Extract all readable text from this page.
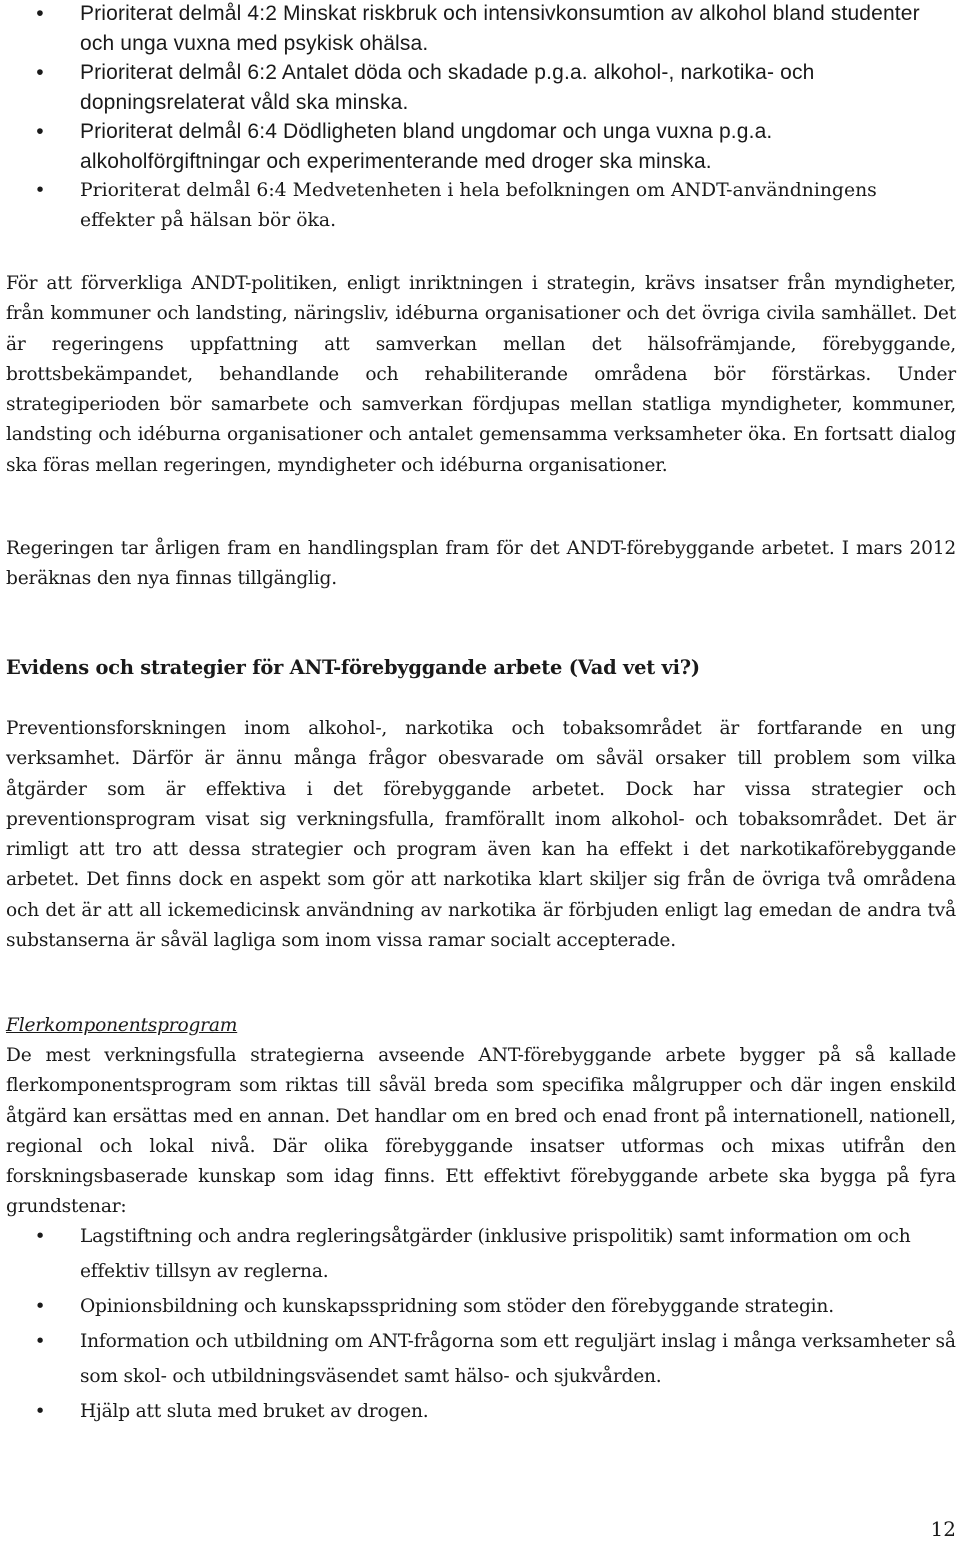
• Prioriterat delmål 4:2 Minskat riskbruk och intensivkonsumtion av alkohol bland studenter och unga vuxna med psykisk ohälsa.
• Prioriterat delmål 6:2 Antalet döda och skadade p.g.a. alkohol-, narkotika- och dopningsrelaterat våld ska minska.
• Prioriterat delmål 6:4 Dödligheten bland ungdomar och unga vuxna p.g.a. alkoholförgiftningar och experimenterande med droger ska minska.
• Prioriterat delmål 6:4 Medvetenheten i hela befolkningen om ANDT-användningens effekter på hälsan bör öka.

För att förverkliga ANDT-politiken, enligt inriktningen i strategin, krävs insatser från myndigheter, från kommuner och landsting, näringsliv, idéburna organisationer och det övriga civila samhället. Det är regeringens uppfattning att samverkan mellan det hälsofrämjande, förebyggande, brottsbekämpandet, behandlande och rehabiliterande områdena bör förstärkas. Under strategiperioden bör samarbete och samverkan fördjupas mellan statliga myndigheter, kommuner, landsting och idéburna organisationer och antalet gemensamma verksamheter öka. En fortsatt dialog ska föras mellan regeringen, myndigheter och idéburna organisationer.

Regeringen tar årligen fram en handlingsplan fram för det ANDT-förebyggande arbetet. I mars 2012 beräknas den nya finnas tillgänglig.

Evidens och strategier för ANT-förebyggande arbete (Vad vet vi?)

Preventionsforskningen inom alkohol-, narkotika och tobaksområdet är fortfarande en ung verksamhet. Därför är ännu många frågor obesvarade om såväl orsaker till problem som vilka åtgärder som är effektiva i det förebyggande arbetet. Dock har vissa strategier och preventionsprogram visat sig verkningsfulla, framförallt inom alkohol- och tobaksområdet. Det är rimligt att tro att dessa strategier och program även kan ha effekt i det narkotikaförebyggande arbetet. Det finns dock en aspekt som gör att narkotika klart skiljer sig från de övriga två områdena och det är att all ickemedicinsk användning av narkotika är förbjuden enligt lag emedan de andra två substanserna är såväl lagliga som inom vissa ramar socialt accepterade.

Flerkomponentsprogram

De mest verkningsfulla strategierna avseende ANT-förebyggande arbete bygger på så kallade flerkomponentsprogram som riktas till såväl breda som specifika målgrupper och där ingen enskild åtgärd kan ersättas med en annan. Det handlar om en bred och enad front på internationell, nationell, regional och lokal nivå. Där olika förebyggande insatser utformas och mixas utifrån den forskningsbaserade kunskap som idag finns. Ett effektivt förebyggande arbete ska bygga på fyra grundstenar:

• Lagstiftning och andra regleringsåtgärder (inklusive prispolitik) samt information om och effektiv tillsyn av reglerna.
• Opinionsbildning och kunskapsspridning som stöder den förebyggande strategin.
• Information och utbildning om ANT-frågorna som ett reguljärt inslag i många verksamheter så som skol- och utbildningsväsendet samt hälso- och sjukvården.
• Hjälp att sluta med bruket av drogen.
12
